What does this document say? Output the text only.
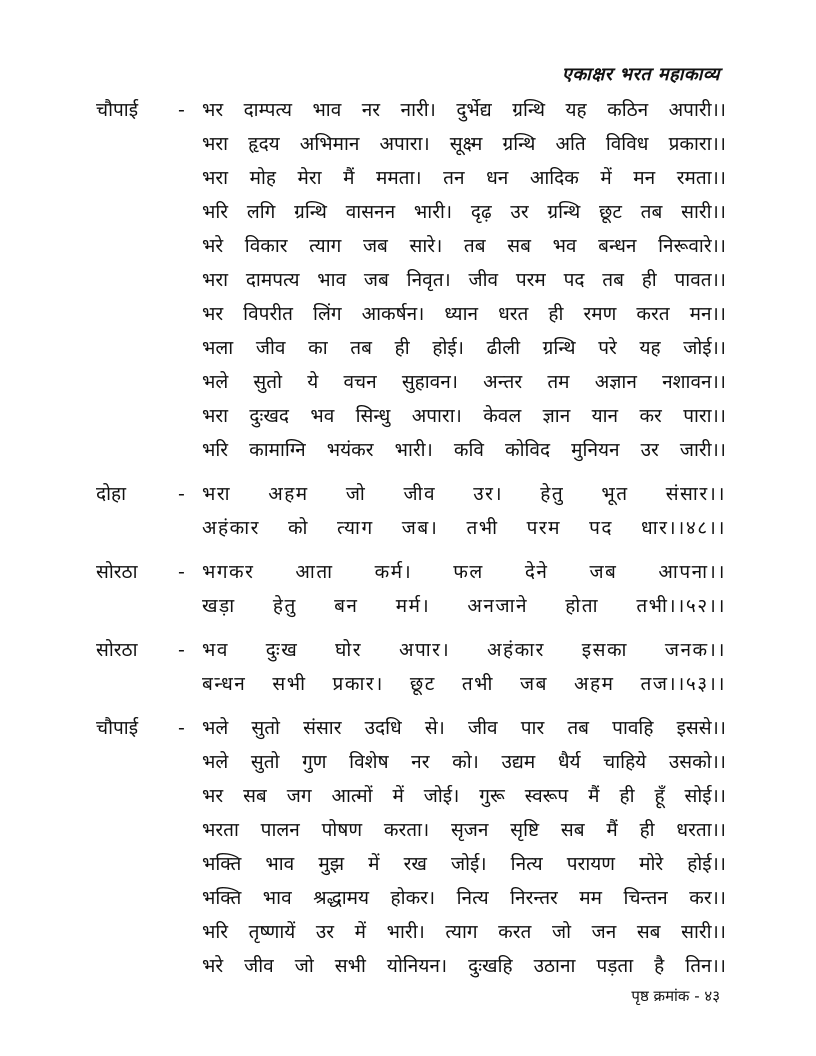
एकाक्षर भरत महाकाव्य
चौपाई	- भर दाम्पत्य भाव नर नारी। दुर्भेद्य ग्रन्थि यह कठिन अपारी।।
भरा हृदय अभिमान अपारा। सूक्ष्म ग्रन्थि अति विविध प्रकारा।।
भरा मोह मेरा मैं ममता। तन धन आदिक में मन रमता।।
भरि लगि ग्रन्थि वासनन भारी। दृढ़ उर ग्रन्थि छूट तब सारी।।
भरे विकार त्याग जब सारे। तब सब भव बन्धन निरूवारे।।
भरा दामपत्य भाव जब निवृत। जीव परम पद तब ही पावत।।
भर विपरीत लिंग आकर्षन। ध्यान धरत ही रमण करत मन।।
भला जीव का तब ही होई। ढीली ग्रन्थि परे यह जोई।।
भले सुतो ये वचन सुहावन। अन्तर तम अज्ञान नशावन।।
भरा दुःखद भव सिन्धु अपारा। केवल ज्ञान यान कर पारा।।
भरि कामाग्नि भयंकर भारी। कवि कोविद मुनियन उर जारी।।
दोहा	- भरा अहम जो जीव उर। हेतु भूत संसार।।
अहंकार को त्याग जब। तभी परम पद धार।।४८।।
सोरठा	- भगकर आता कर्म। फल देने जब आपना।।
खड़ा हेतु बन मर्म। अनजाने होता तभी।।५२।।
सोरठा	- भव दुःख घोर अपार। अहंकार इसका जनक।।
बन्धन सभी प्रकार। छूट तभी जब अहम तज।।५३।।
चौपाई	- भले सुतो संसार उदधि से। जीव पार तब पावहि इससे।।
भले सुतो गुण विशेष नर को। उद्यम धैर्य चाहिये उसको।।
भर सब जग आत्मों में जोई। गुरू स्वरूप मैं ही हूँ सोई।।
भरता पालन पोषण करता। सृजन सृष्टि सब मैं ही धरता।।
भक्ति भाव मुझ में रख जोई। नित्य परायण मोरे होई।।
भक्ति भाव श्रद्धामय होकर। नित्य निरन्तर मम चिन्तन कर।।
भरि तृष्णायें उर में भारी। त्याग करत जो जन सब सारी।।
भरे जीव जो सभी योनियन। दुःखहि उठाना पड़ता है तिन।।
पृष्ठ क्रमांक - ४३
